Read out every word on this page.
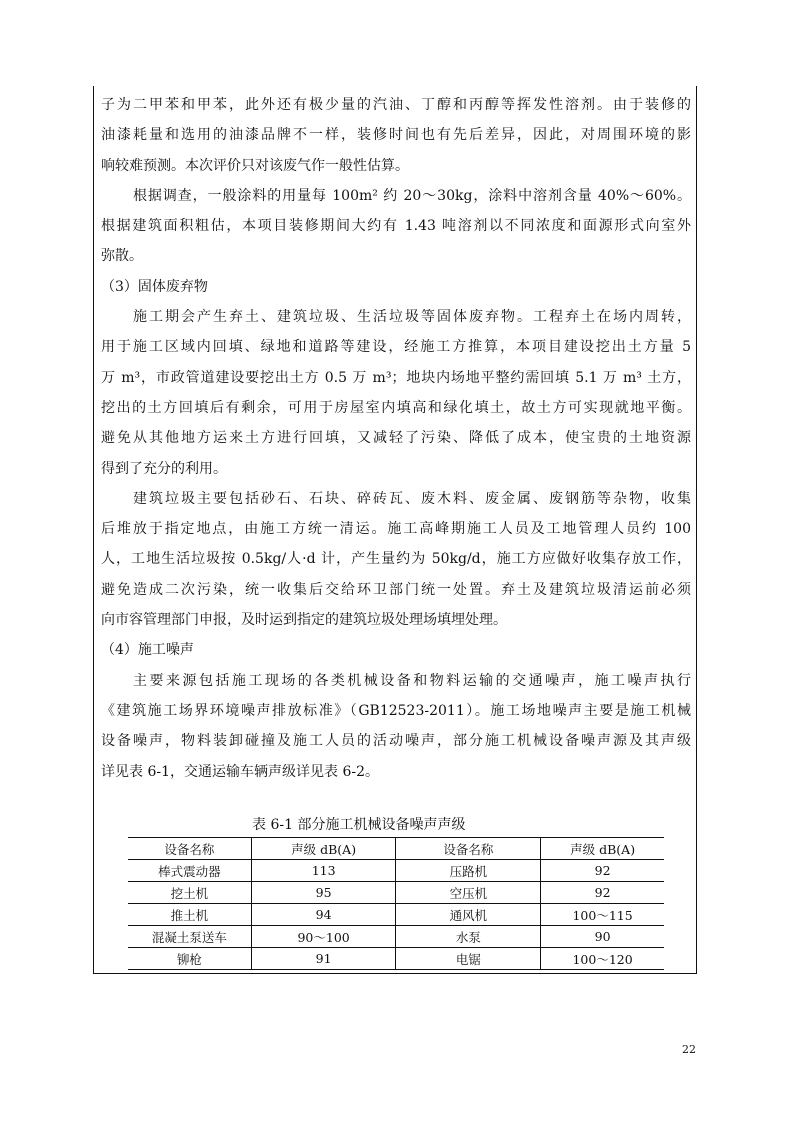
子为二甲苯和甲苯，此外还有极少量的汽油、丁醇和丙醇等挥发性溶剂。由于装修的
油漆耗量和选用的油漆品牌不一样，装修时间也有先后差异，因此，对周围环境的影
响较难预测。本次评价只对该废气作一般性估算。
根据调查，一般涂料的用量每 100m² 约 20～30kg，涂料中溶剂含量 40%～60%。
根据建筑面积粗估，本项目装修期间大约有 1.43 吨溶剂以不同浓度和面源形式向室外
弥散。
（3）固体废弃物
施工期会产生弃土、建筑垃圾、生活垃圾等固体废弃物。工程弃土在场内周转，
用于施工区域内回填、绿地和道路等建设，经施工方推算，本项目建设挖出土方量 5
万 m³，市政管道建设要挖出土方 0.5 万 m³；地块内场地平整约需回填 5.1 万 m³ 土方，
挖出的土方回填后有剩余，可用于房屋室内填高和绿化填土，故土方可实现就地平衡。
避免从其他地方运来土方进行回填，又减轻了污染、降低了成本，使宝贵的土地资源
得到了充分的利用。
建筑垃圾主要包括砂石、石块、碎砖瓦、废木料、废金属、废钢筋等杂物，收集
后堆放于指定地点，由施工方统一清运。施工高峰期施工人员及工地管理人员约 100
人，工地生活垃圾按 0.5kg/人·d 计，产生量约为 50kg/d，施工方应做好收集存放工作，
避免造成二次污染，统一收集后交给环卫部门统一处置。弃土及建筑垃圾清运前必须
向市容管理部门申报，及时运到指定的建筑垃圾处理场填埋处理。
（4）施工噪声
主要来源包括施工现场的各类机械设备和物料运输的交通噪声，施工噪声执行
《建筑施工场界环境噪声排放标准》（GB12523-2011）。施工场地噪声主要是施工机械
设备噪声，物料装卸碰撞及施工人员的活动噪声，部分施工机械设备噪声源及其声级
详见表 6-1，交通运输车辆声级详见表 6-2。
表 6-1 部分施工机械设备噪声声级
设备名称	声级 dB(A)	设备名称	声级 dB(A)
棒式震动器	113	压路机	92
挖土机	95	空压机	92
推土机	94	通风机	100～115
混凝土泵送车	90～100	水泵	90
铆枪	91	电锯	100～120
22
